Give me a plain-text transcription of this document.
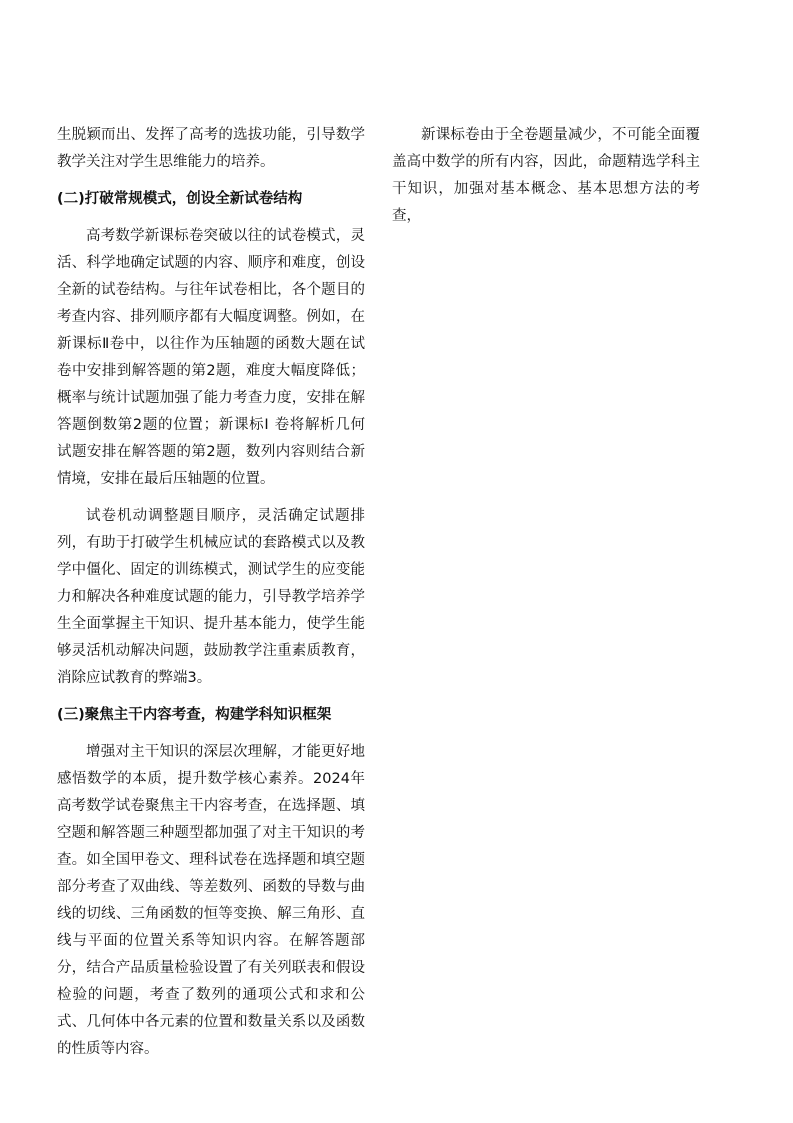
生脱颖而出、发挥了高考的选拔功能，引导数学教学关注对学生思维能力的培养。

(二)打破常规模式，创设全新试卷结构

高考数学新课标卷突破以往的试卷模式，灵活、科学地确定试题的内容、顺序和难度，创设全新的试卷结构。与往年试卷相比，各个题目的考查内容、排列顺序都有大幅度调整。例如，在新课标Ⅱ卷中，以往作为压轴题的函数大题在试卷中安排到解答题的第2题，难度大幅度降低；概率与统计试题加强了能力考查力度，安排在解答题倒数第2题的位置；新课标Ⅰ 卷将解析几何试题安排在解答题的第2题，数列内容则结合新情境，安排在最后压轴题的位置。

试卷机动调整题目顺序，灵活确定试题排列，有助于打破学生机械应试的套路模式以及教学中僵化、固定的训练模式，测试学生的应变能力和解决各种难度试题的能力，引导教学培养学生全面掌握主干知识、提升基本能力，使学生能够灵活机动解决问题，鼓励教学注重素质教育，消除应试教育的弊端3。

(三)聚焦主干内容考查，构建学科知识框架

增强对主干知识的深层次理解，才能更好地感悟数学的本质，提升数学核心素养。2024年高考数学试卷聚焦主干内容考查，在选择题、填空题和解答题三种题型都加强了对主干知识的考查。如全国甲卷文、理科试卷在选择题和填空题部分考查了双曲线、等差数列、函数的导数与曲线的切线、三角函数的恒等变换、解三角形、直线与平面的位置关系等知识内容。在解答题部分，结合产品质量检验设置了有关列联表和假设检验的问题，考查了数列的通项公式和求和公式、几何体中各元素的位置和数量关系以及函数的性质等内容。

新课标卷由于全卷题量减少，不可能全面覆　盖高中数学的所有内容，因此，命题精选学科主　干知识，加强对基本概念、基本思想方法的考查，
